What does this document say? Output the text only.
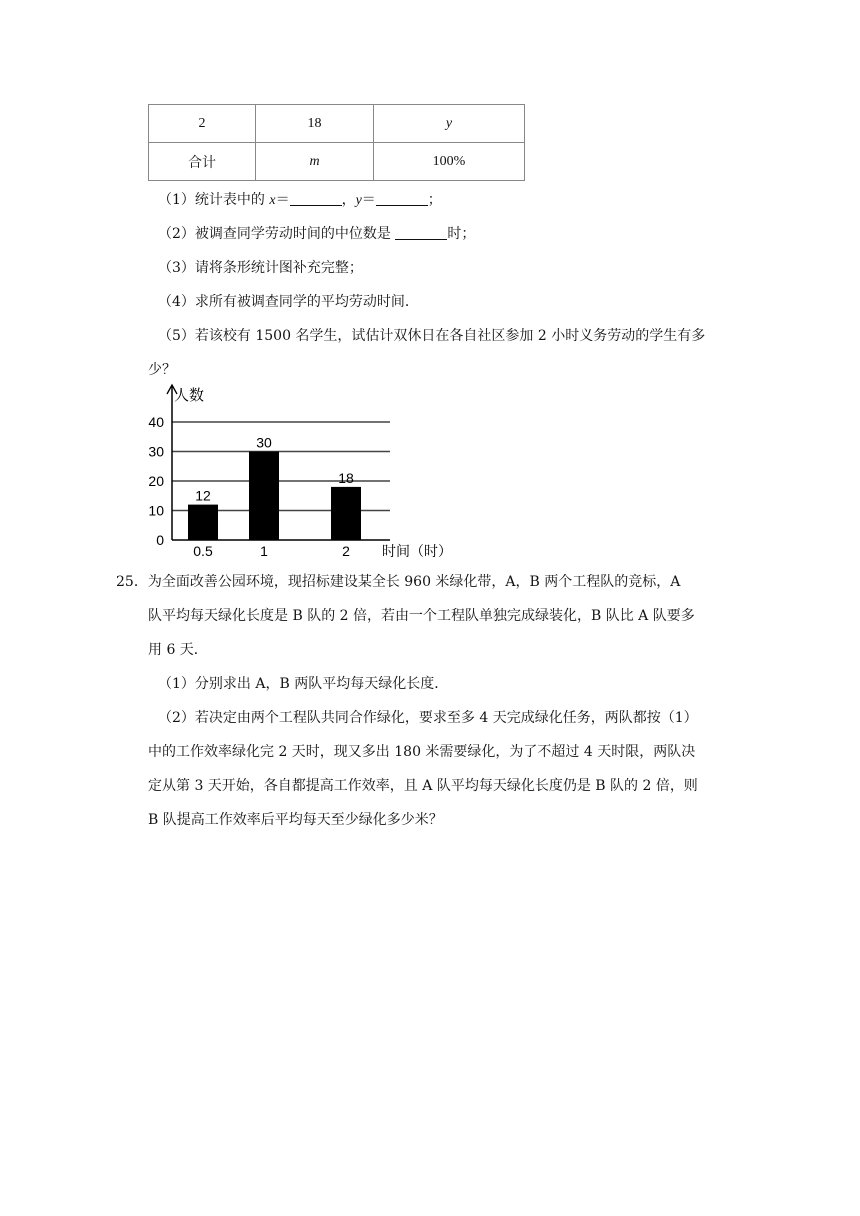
2	18	y
合计	m	100%
（1）统计表中的 x＝	，y＝	；
（2）被调查同学劳动时间的中位数是	时；
（3）请将条形统计图补充完整；
（4）求所有被调查同学的平均劳动时间．
（5）若该校有 1500 名学生，试估计双休日在各自社区参加 2 小时义务劳动的学生有多
少？
人数
时间（时）
0
10
20
30
40
12
30
18
0.5	1	2
25．为全面改善公园环境，现招标建设某全长 960 米绿化带，A，B 两个工程队的竞标，A
队平均每天绿化长度是 B 队的 2 倍，若由一个工程队单独完成绿装化，B 队比 A 队要多
用 6 天．
（1）分别求出 A，B 两队平均每天绿化长度．
（2）若决定由两个工程队共同合作绿化，要求至多 4 天完成绿化任务，两队都按（1）
中的工作效率绿化完 2 天时，现又多出 180 米需要绿化，为了不超过 4 天时限，两队决
定从第 3 天开始，各自都提高工作效率，且 A 队平均每天绿化长度仍是 B 队的 2 倍，则
B 队提高工作效率后平均每天至少绿化多少米？
